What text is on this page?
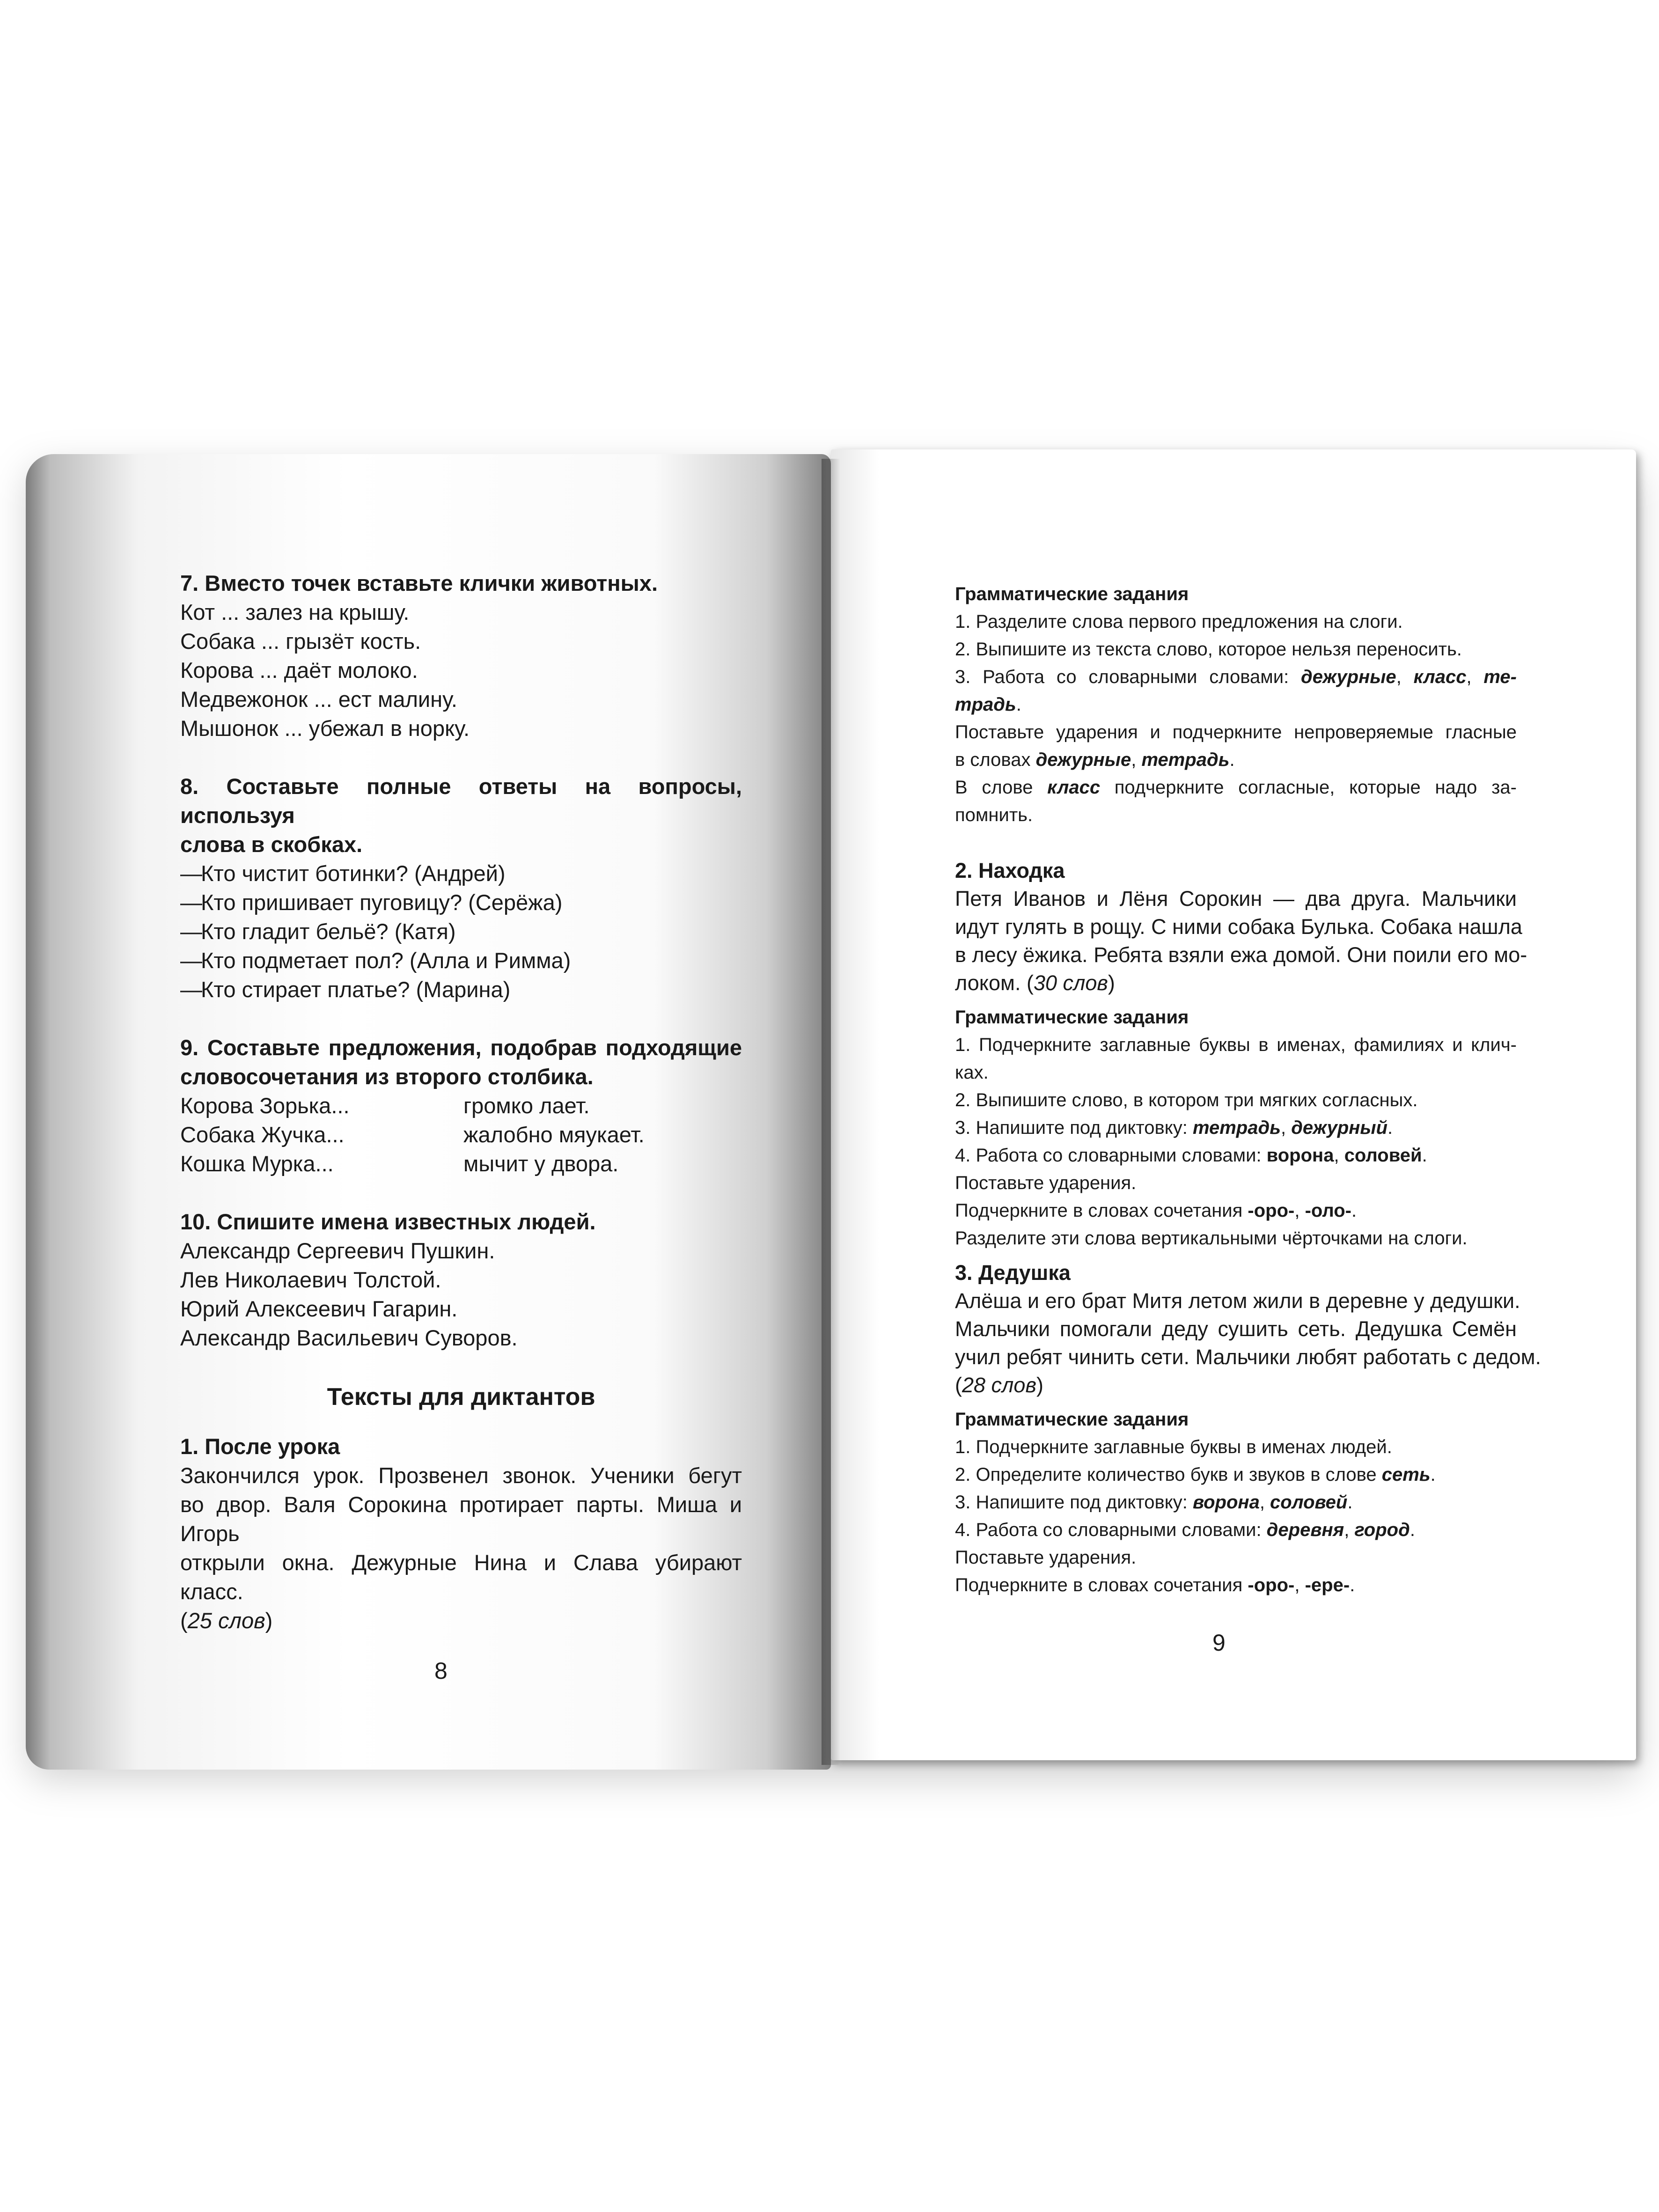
7. Вместо точек вставьте клички животных.
Кот ... залез на крышу.
Собака ... грызёт кость.
Корова ... даёт молоко.
Медвежонок ... ест малину.
Мышонок ... убежал в норку.
8. Составьте полные ответы на вопросы, используя
слова в скобках.
—Кто чистит ботинки? (Андрей)
—Кто пришивает пуговицу? (Серёжа)
—Кто гладит бельё? (Катя)
—Кто подметает пол? (Алла и Римма)
—Кто стирает платье? (Марина)
9. Составьте предложения, подобрав подходящие
словосочетания из второго столбика.
Корова Зорька...	громко лает.
Собака Жучка...	жалобно мяукает.
Кошка Мурка...	мычит у двора.
10. Спишите имена известных людей.
Александр Сергеевич Пушкин.
Лев Николаевич Толстой.
Юрий Алексеевич Гагарин.
Александр Васильевич Суворов.
Тексты для диктантов
1. После урока
Закончился урок. Прозвенел звонок. Ученики бегут
во двор. Валя Сорокина протирает парты. Миша и Игорь
открыли окна. Дежурные Нина и Слава убирают класс.
(25 слов)
8
Грамматические задания
1. Разделите слова первого предложения на слоги.
2. Выпишите из текста слово, которое нельзя переносить.
3. Работа со словарными словами: дежурные, класс, те-
традь.
Поставьте ударения и подчеркните непроверяемые гласные
в словах дежурные, тетрадь.
В слове класс подчеркните согласные, которые надо за-
помнить.
2. Находка
Петя Иванов и Лёня Сорокин — два друга. Мальчики
идут гулять в рощу. С ними собака Булька. Собака нашла
в лесу ёжика. Ребята взяли ежа домой. Они поили его мо-
локом. (30 слов)
Грамматические задания
1. Подчеркните заглавные буквы в именах, фамилиях и клич-
ках.
2. Выпишите слово, в котором три мягких согласных.
3. Напишите под диктовку: тетрадь, дежурный.
4. Работа со словарными словами: ворона, соловей.
Поставьте ударения.
Подчеркните в словах сочетания -оро-, -оло-.
Разделите эти слова вертикальными чёрточками на слоги.
3. Дедушка
Алёша и его брат Митя летом жили в деревне у дедушки.
Мальчики помогали деду сушить сеть. Дедушка Семён
учил ребят чинить сети. Мальчики любят работать с дедом.
(28 слов)
Грамматические задания
1. Подчеркните заглавные буквы в именах людей.
2. Определите количество букв и звуков в слове сеть.
3. Напишите под диктовку: ворона, соловей.
4. Работа со словарными словами: деревня, город.
Поставьте ударения.
Подчеркните в словах сочетания -оро-, -ере-.
9
